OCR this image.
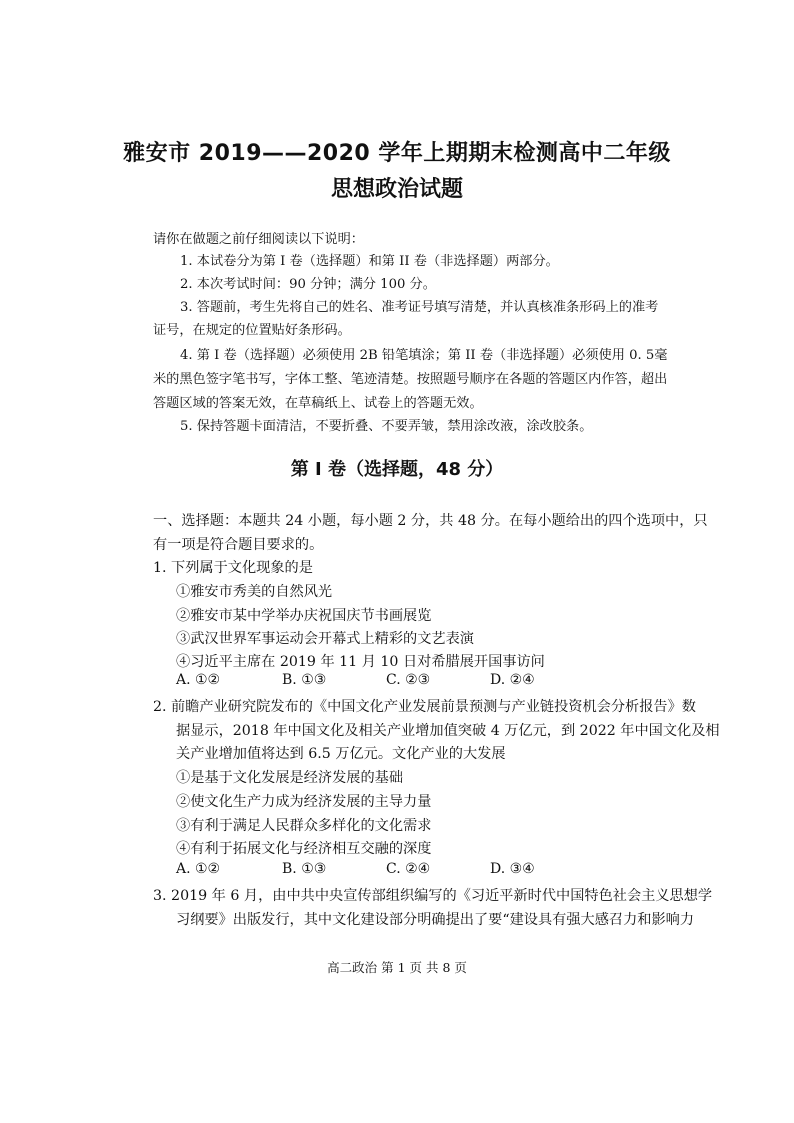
雅安市 2019——2020 学年上期期末检测高中二年级
思想政治试题
请你在做题之前仔细阅读以下说明：
1. 本试卷分为第 I 卷（选择题）和第 II 卷（非选择题）两部分。
2. 本次考试时间：90 分钟；满分 100 分。
3. 答题前，考生先将自己的姓名、准考证号填写清楚，并认真核准条形码上的准考
证号，在规定的位置贴好条形码。
4. 第 I 卷（选择题）必须使用 2B 铅笔填涂；第 II 卷（非选择题）必须使用 0. 5毫
米的黑色签字笔书写，字体工整、笔迹清楚。按照题号顺序在各题的答题区内作答，超出
答题区域的答案无效，在草稿纸上、试卷上的答题无效。
5. 保持答题卡面清洁，不要折叠、不要弄皱，禁用涂改液，涂改胶条。
第 I 卷（选择题，48 分）
一、选择题：本题共 24 小题，每小题 2 分，共 48 分。在每小题给出的四个选项中，只
有一项是符合题目要求的。
1. 下列属于文化现象的是
①雅安市秀美的自然风光
②雅安市某中学举办庆祝国庆节书画展览
③武汉世界军事运动会开幕式上精彩的文艺表演
④习近平主席在 2019 年 11 月 10 日对希腊展开国事访问
A. ①②	B. ①③	C. ②③	D. ②④
2. 前瞻产业研究院发布的《中国文化产业发展前景预测与产业链投资机会分析报告》数
据显示，2018 年中国文化及相关产业增加值突破 4 万亿元，到 2022 年中国文化及相
关产业增加值将达到 6.5 万亿元。文化产业的大发展
①是基于文化发展是经济发展的基础
②使文化生产力成为经济发展的主导力量
③有利于满足人民群众多样化的文化需求
④有利于拓展文化与经济相互交融的深度
A. ①②	B. ①③	C. ②④	D. ③④
3. 2019 年 6 月，由中共中央宣传部组织编写的《习近平新时代中国特色社会主义思想学
习纲要》出版发行，其中文化建设部分明确提出了要“建设具有强大感召力和影响力
高二政治 第 1 页 共 8 页
